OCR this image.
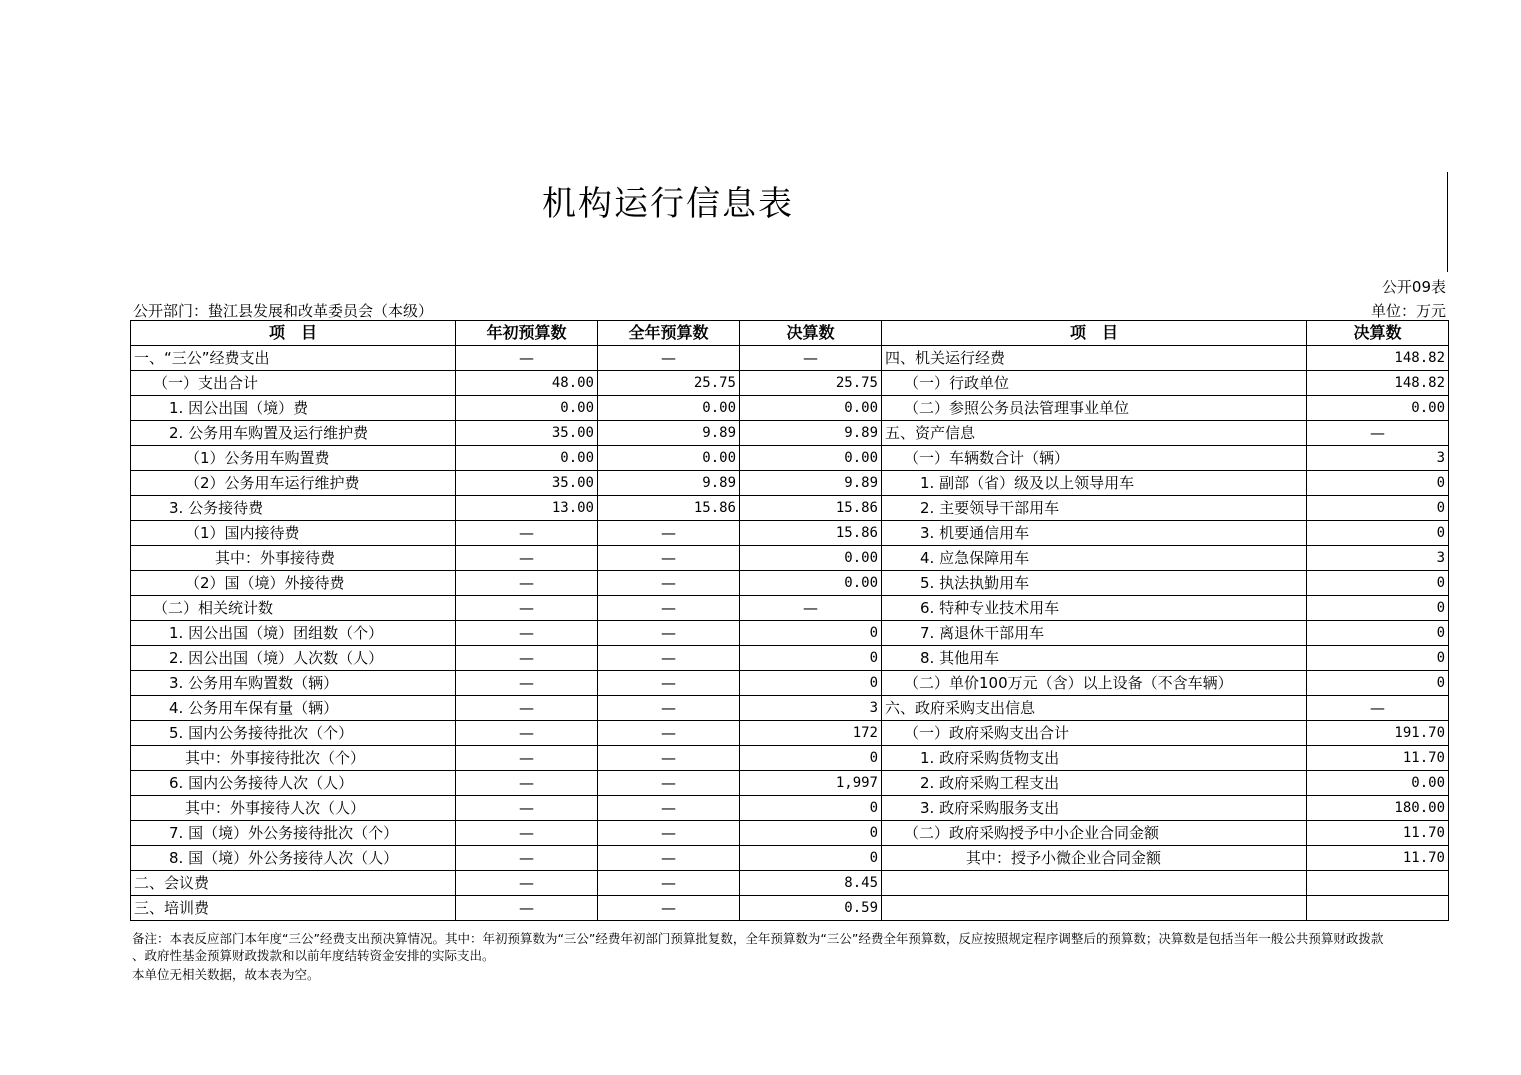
机构运行信息表
公开09表
公开部门：蛰江县发展和改革委员会（本级）	单位：万元
项　目	年初预算数	全年预算数	决算数	项　目	决算数
一、“三公”经费支出	—	—	—	四、机关运行经费	148.82
（一）支出合计	48.00	25.75	25.75	（一）行政单位	148.82
1. 因公出国（境）费	0.00	0.00	0.00	（二）参照公务员法管理事业单位	0.00
2. 公务用车购置及运行维护费	35.00	9.89	9.89	五、资产信息	—
（1）公务用车购置费	0.00	0.00	0.00	（一）车辆数合计（辆）	3
（2）公务用车运行维护费	35.00	9.89	9.89	1. 副部（省）级及以上领导用车	0
3. 公务接待费	13.00	15.86	15.86	2. 主要领导干部用车	0
（1）国内接待费	—	—	15.86	3. 机要通信用车	0
其中：外事接待费	—	—	0.00	4. 应急保障用车	3
（2）国（境）外接待费	—	—	0.00	5. 执法执勤用车	0
（二）相关统计数	—	—	—	6. 特种专业技术用车	0
1. 因公出国（境）团组数（个）	—	—	0	7. 离退休干部用车	0
2. 因公出国（境）人次数（人）	—	—	0	8. 其他用车	0
3. 公务用车购置数（辆）	—	—	0	（二）单价100万元（含）以上设备（不含车辆）	0
4. 公务用车保有量（辆）	—	—	3	六、政府采购支出信息	—
5. 国内公务接待批次（个）	—	—	172	（一）政府采购支出合计	191.70
其中：外事接待批次（个）	—	—	0	1. 政府采购货物支出	11.70
6. 国内公务接待人次（人）	—	—	1,997	2. 政府采购工程支出	0.00
其中：外事接待人次（人）	—	—	0	3. 政府采购服务支出	180.00
7. 国（境）外公务接待批次（个）	—	—	0	（二）政府采购授予中小企业合同金额	11.70
8. 国（境）外公务接待人次（人）	—	—	0	其中：授予小微企业合同金额	11.70
二、会议费	—	—	8.45		
三、培训费	—	—	0.59		
备注：本表反应部门本年度“三公”经费支出预决算情况。其中：年初预算数为“三公”经费年初部门预算批复数，全年预算数为“三公”经费全年预算数，反应按照规定程序调整后的预算数；决算数是包括当年一般公共预算财政拨款
、政府性基金预算财政拨款和以前年度结转资金安排的实际支出。
本单位无相关数据，故本表为空。
